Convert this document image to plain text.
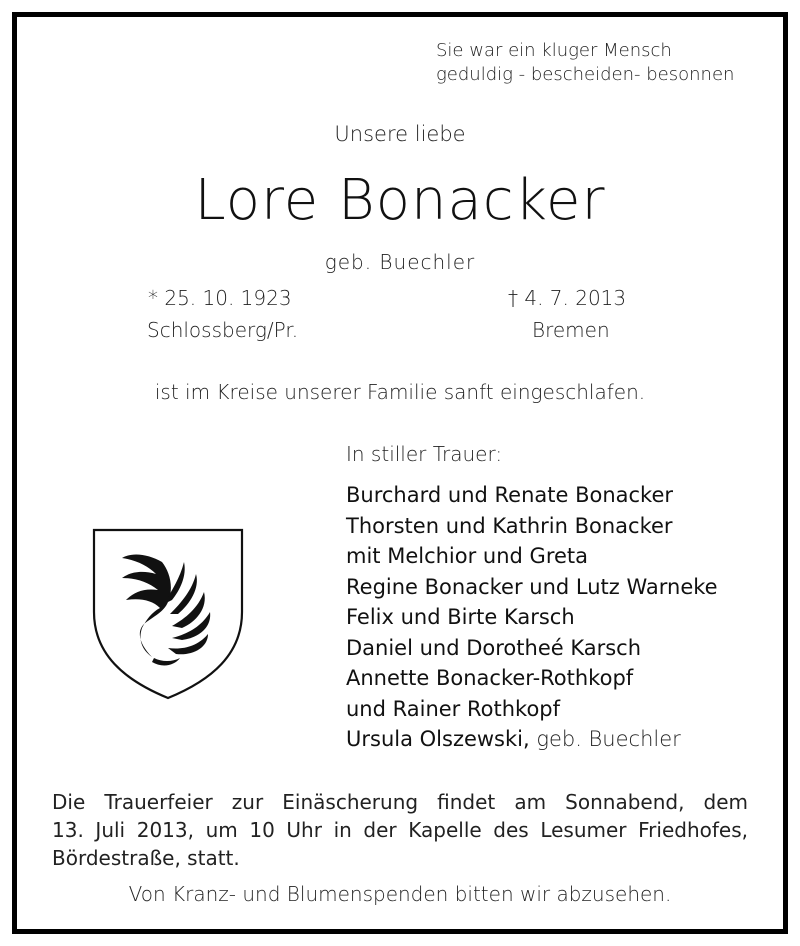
Sie war ein kluger Mensch
geduldig - bescheiden- besonnen
Unsere liebe
Lore Bonacker
geb. Buechler
* 25. 10. 1923	† 4. 7. 2013
Schlossberg/Pr.	Bremen
ist im Kreise unserer Familie sanft eingeschlafen.
In stiller Trauer:
Burchard und Renate Bonacker
Thorsten und Kathrin Bonacker
mit Melchior und Greta
Regine Bonacker und Lutz Warneke
Felix und Birte Karsch
Daniel und Dorotheé Karsch
Annette Bonacker-Rothkopf
und Rainer Rothkopf
Ursula Olszewski, geb. Buechler

Die Trauerfeier zur Einäscherung findet am Sonnabend, dem

13. Juli 2013, um 10 Uhr in der Kapelle des Lesumer Friedhofes,

Bördestraße, statt.

Von Kranz- und Blumenspenden bitten wir abzusehen.
